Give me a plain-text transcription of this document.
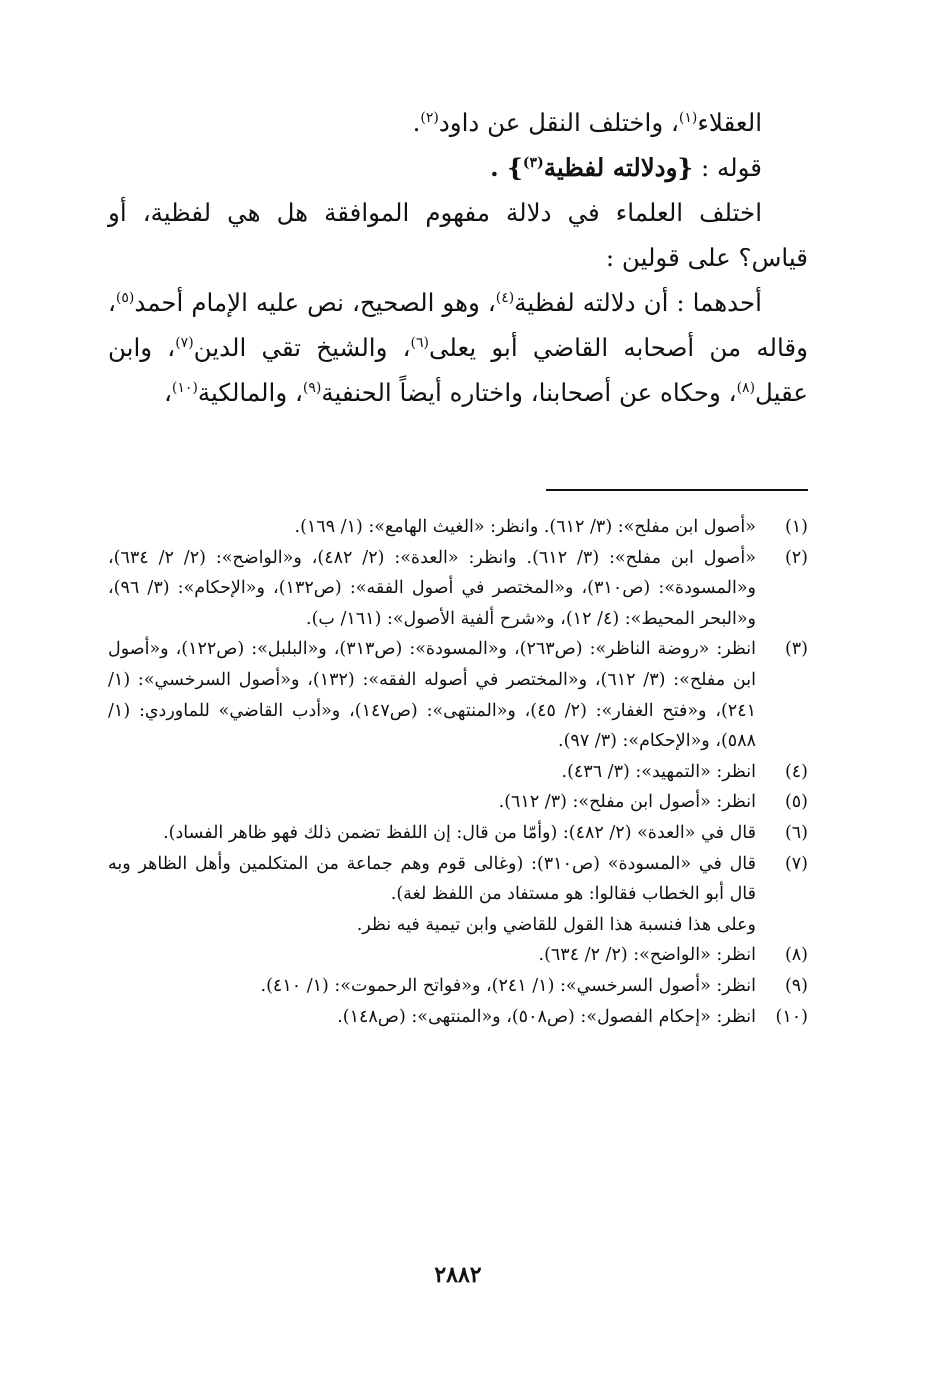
العقلاء$^{(١)}$، واختلف النقل عن داود$^{(٢)}$.

قوله : {ودلالته لفظية$^{(٣)}$} .

اختلف العلماء في دلالة مفهوم الموافقة هل هي لفظية، أو قياس؟ على قولين :

أحدهما : أن دلالته لفظية$^{(٤)}$، وهو الصحيح، نص عليه الإمام أحمد$^{(٥)}$، وقاله من أصحابه القاضي أبو يعلى$^{(٦)}$، والشيخ تقي الدين$^{(٧)}$، وابن عقيل$^{(٨)}$، وحكاه عن أصحابنا، واختاره أيضاً الحنفية$^{(٩)}$، والمالكية$^{(١٠)}$،

(١)
«أصول ابن مفلح»: (٣/ ٦١٢). وانظر: «الغيث الهامع»: (١/ ١٦٩).
(٢)
«أصول ابن مفلح»: (٣/ ٦١٢). وانظر: «العدة»: (٢/ ٤٨٢)، و«الواضح»: (٢/ ٢/ ٦٣٤)، و«المسودة»: (ص٣١٠)، و«المختصر في أصول الفقه»: (ص١٣٢)، و«الإحكام»: (٣/ ٩٦)، و«البحر المحيط»: (٤/ ١٢)، و«شرح ألفية الأصول»: (١٦١/ ب).
(٣)
انظر: «روضة الناظر»: (ص٢٦٣)، و«المسودة»: (ص٣١٣)، و«البلبل»: (ص١٢٢)، و«أصول ابن مفلح»: (٣/ ٦١٢)، و«المختصر في أصوله الفقه»: (١٣٢)، و«أصول السرخسي»: (١/ ٢٤١)، و«فتح الغفار»: (٢/ ٤٥)، و«المنتهى»: (ص١٤٧)، و«أدب القاضي» للماوردي: (١/ ٥٨٨)، و«الإحكام»: (٣/ ٩٧).
(٤)
انظر: «التمهيد»: (٣/ ٤٣٦).
(٥)
انظر: «أصول ابن مفلح»: (٣/ ٦١٢).
(٦)
قال في «العدة» (٢/ ٤٨٢): (وأمّا من قال: إن اللفظ تضمن ذلك فهو ظاهر الفساد).
(٧)
قال في «المسودة» (ص٣١٠): (وغالى قوم وهم جماعة من المتكلمين وأهل الظاهر وبه قال أبو الخطاب فقالوا: هو مستفاد من اللفظ لغة).
وعلى هذا فنسبة هذا القول للقاضي وابن تيمية فيه نظر.
(٨)
انظر: «الواضح»: (٢/ ٢/ ٦٣٤).
(٩)
انظر: «أصول السرخسي»: (١/ ٢٤١)، و«فواتح الرحموت»: (١/ ٤١٠).
(١٠)
انظر: «إحكام الفصول»: (ص٥٠٨)، و«المنتهى»: (ص١٤٨).
٢٨٨٢
